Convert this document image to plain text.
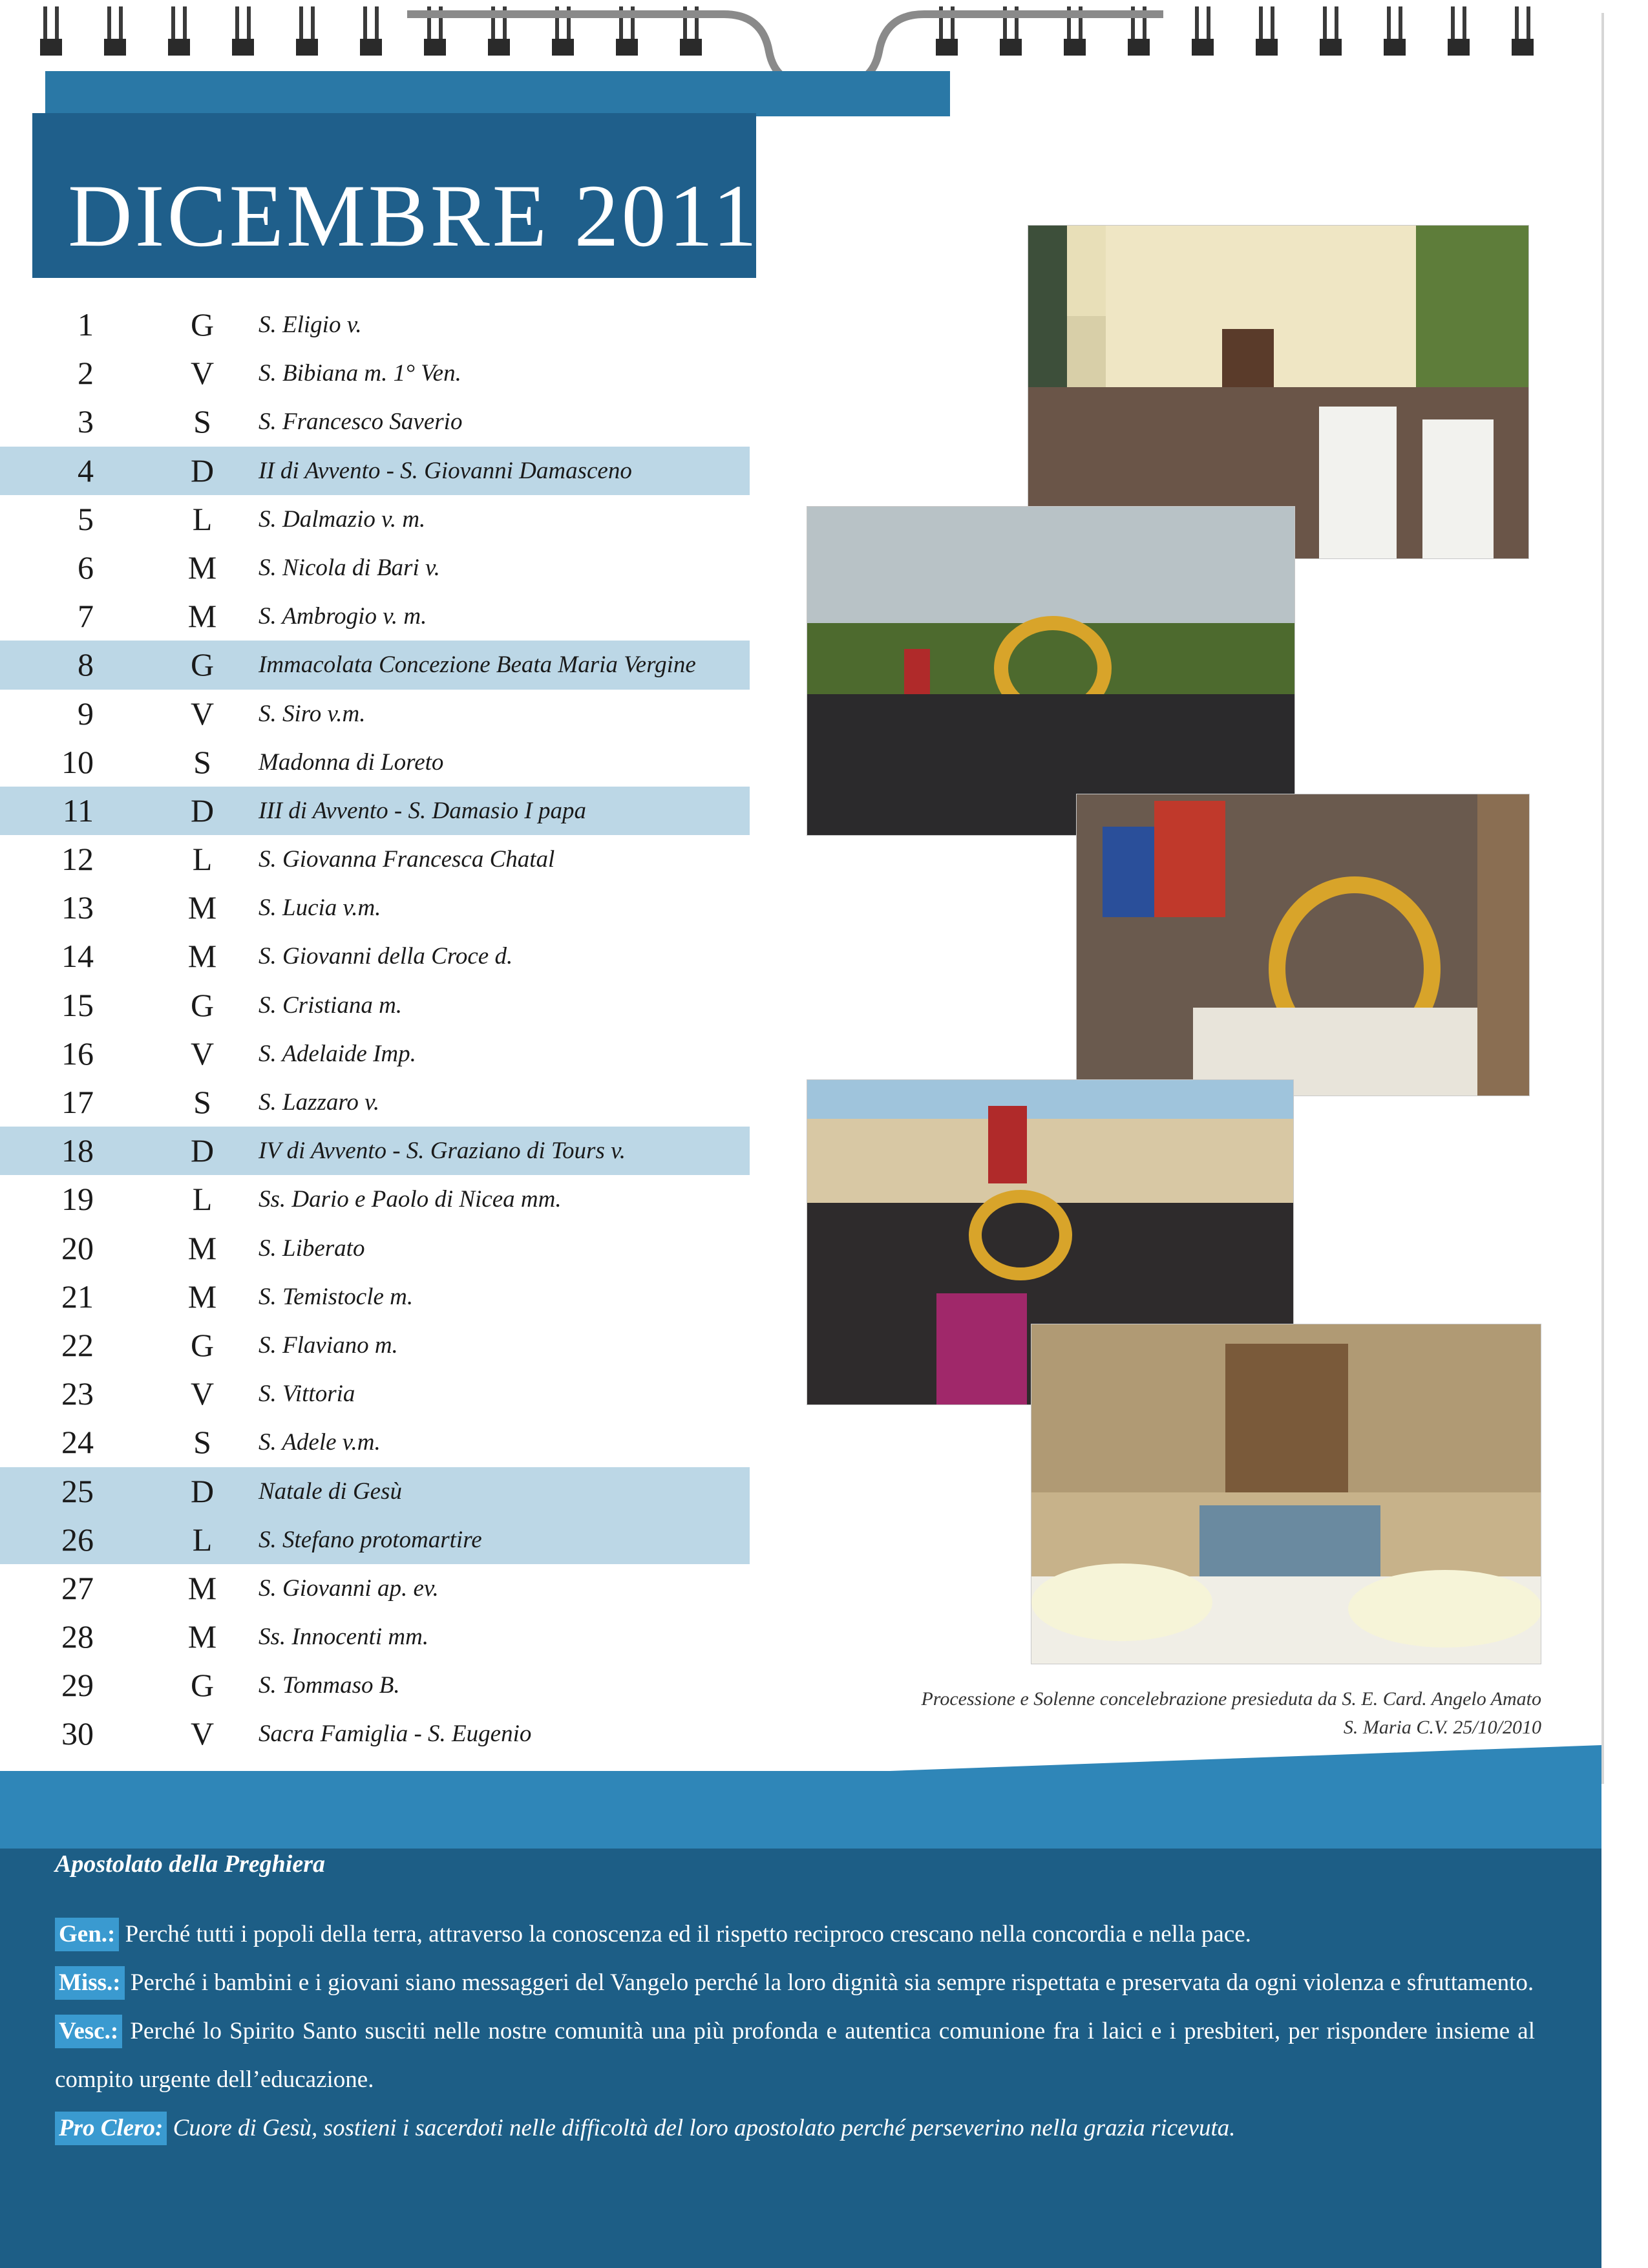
DICEMBRE 2011
1	G S. Eligio v.
2	V S. Bibiana m. 1° Ven.
3	S	S. Francesco Saverio
4	D II di Avvento - S. Giovanni Damasceno
5	L	S. Dalmazio v. m.
6	M S. Nicola di Bari v.
7	M S. Ambrogio v. m.
8	G Immacolata Concezione Beata Maria Vergine
9	V S. Siro v.m.
10	S	Madonna di Loreto
11	D III di Avvento - S. Damasio I papa
12	L	S. Giovanna Francesca Chatal
13	M S. Lucia v.m.
14	M S. Giovanni della Croce d.
15	G S. Cristiana m.
16	V S. Adelaide Imp.
17	S	S. Lazzaro v.
18	D IV di Avvento - S. Graziano di Tours v.
19	L	Ss. Dario e Paolo di Nicea mm.
20	M S. Liberato
21	M S. Temistocle m.
22	G S. Flaviano m.
23	V S. Vittoria
24	S	S. Adele v.m.
25	D Natale di Gesù
26	L	S. Stefano protomartire
27	M S. Giovanni ap. ev.
28	M Ss. Innocenti mm.
29	G S. Tommaso B.
30	V Sacra Famiglia - S. Eugenio
Processione e Solenne concelebrazione presieduta da S. E. Card. Angelo Amato
S. Maria C.V. 25/10/2010
Apostolato della Preghiera

Gen.: Perché tutti i popoli della terra, attraverso la conoscenza ed il rispetto reciproco crescano nella concordia e nella pace.

Miss.: Perché i bambini e i giovani siano messaggeri del Vangelo perché la loro dignità sia sempre rispettata e preservata da ogni violenza e sfruttamento.

Vesc.: Perché lo Spirito Santo susciti nelle nostre comunità una più profonda e autentica comunione fra i laici e i presbiteri, per rispondere insieme al compito urgente dell’educazione.

Pro Clero: Cuore di Gesù, sostieni i sacerdoti nelle difficoltà del loro apostolato perché perseverino nella grazia ricevuta.
